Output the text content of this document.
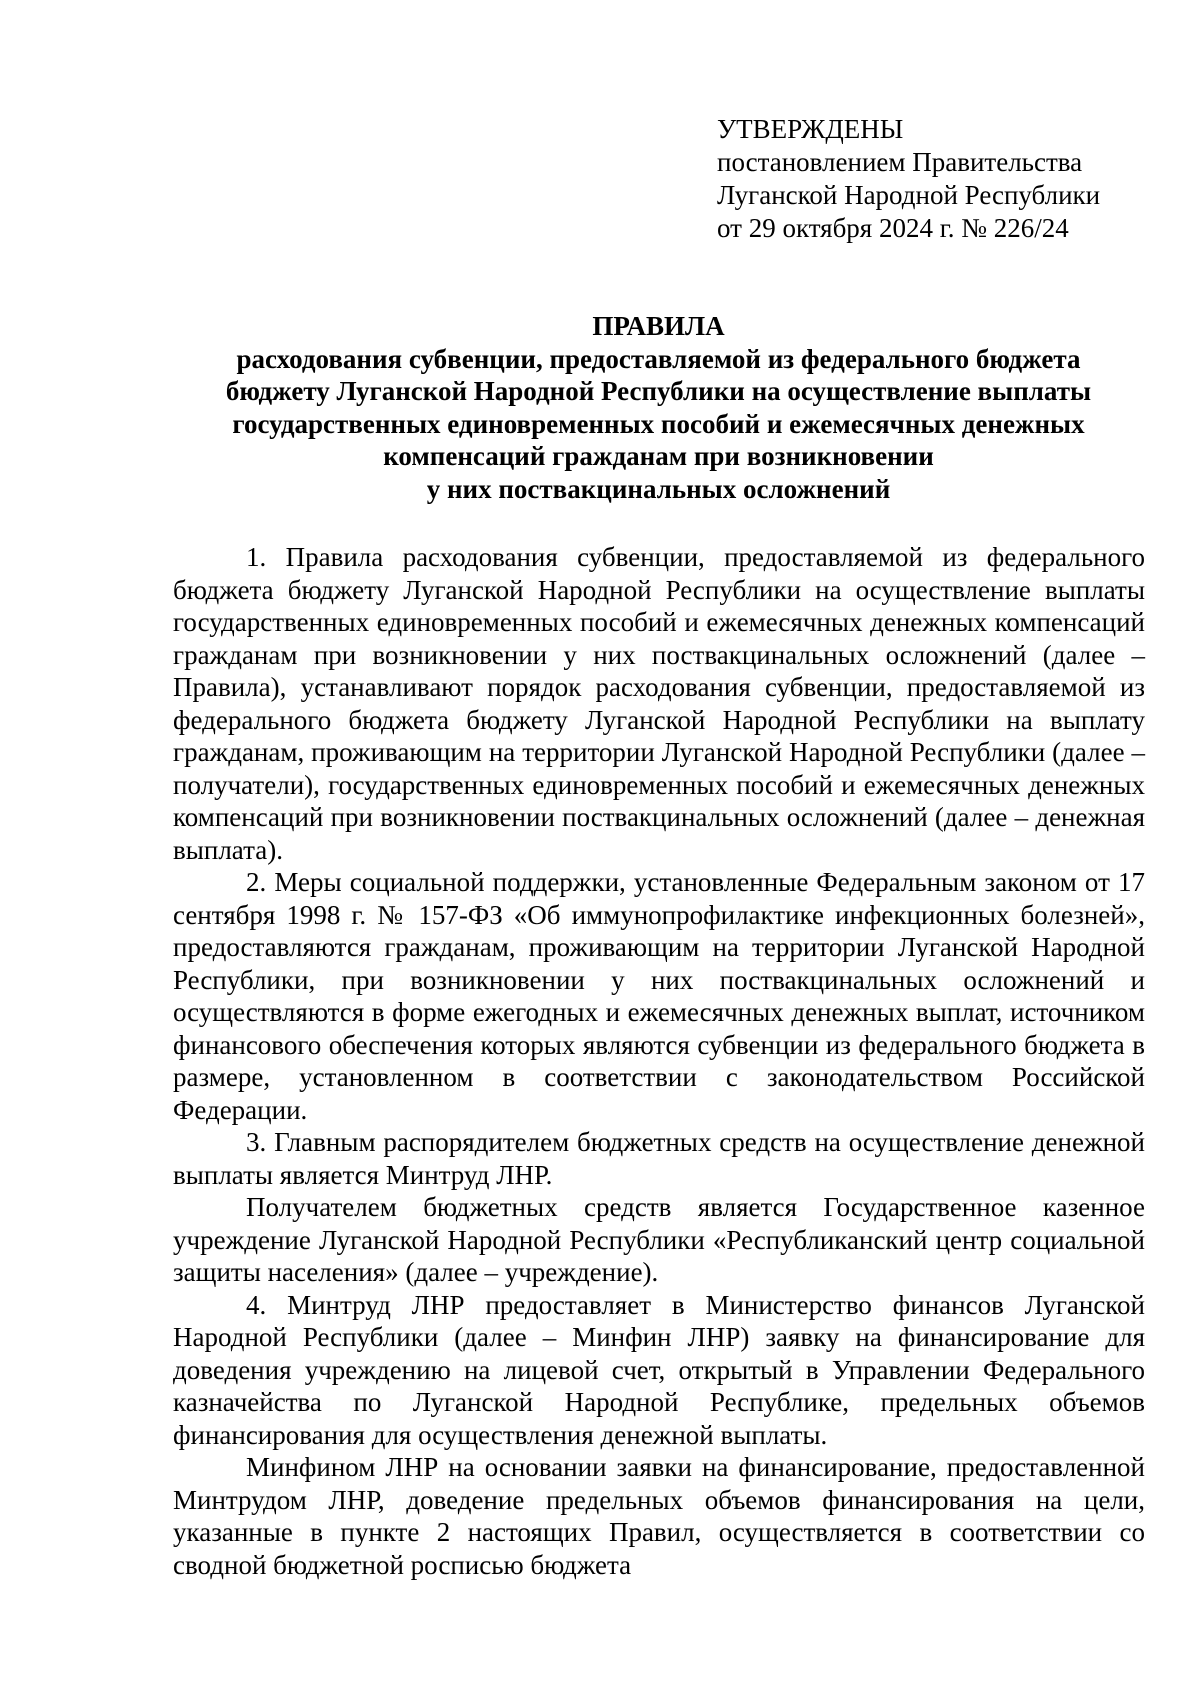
УТВЕРЖДЕНЫ
постановлением Правительства
Луганской Народной Республики
от 29 октября 2024 г. № 226/24
ПРАВИЛА
расходования субвенции, предоставляемой из федерального бюджета
бюджету Луганской Народной Республики на осуществление выплаты
государственных единовременных пособий и ежемесячных денежных
компенсаций гражданам при возникновении
у них поствакцинальных осложнений

1. Правила расходования субвенции, предоставляемой из федерального бюджета бюджету Луганской Народной Республики на осуществление выплаты государственных единовременных пособий и ежемесячных денежных компенсаций гражданам при возникновении у них поствакцинальных осложнений (далее – Правила), устанавливают порядок расходования субвенции, предоставляемой из федерального бюджета бюджету Луганской Народной Республики на выплату гражданам, проживающим на территории Луганской Народной Республики (далее – получатели), государственных единовременных пособий и ежемесячных денежных компенсаций при возникновении поствакцинальных осложнений (далее – денежная выплата).

2. Меры социальной поддержки, установленные Федеральным законом от 17 сентября 1998 г. № 157-ФЗ «Об иммунопрофилактике инфекционных болезней», предоставляются гражданам, проживающим на территории Луганской Народной Республики, при возникновении у них поствакцинальных осложнений и осуществляются в форме ежегодных и ежемесячных денежных выплат, источником финансового обеспечения которых являются субвенции из федерального бюджета в размере, установленном в соответствии с законодательством Российской Федерации.

3. Главным распорядителем бюджетных средств на осуществление денежной выплаты является Минтруд ЛНР.

Получателем бюджетных средств является Государственное казенное учреждение Луганской Народной Республики «Республиканский центр социальной защиты населения» (далее – учреждение).

4. Минтруд ЛНР предоставляет в Министерство финансов Луганской Народной Республики (далее – Минфин ЛНР) заявку на финансирование для доведения учреждению на лицевой счет, открытый в Управлении Федерального казначейства по Луганской Народной Республике, предельных объемов финансирования для осуществления денежной выплаты.

Минфином ЛНР на основании заявки на финансирование, предоставленной Минтрудом ЛНР, доведение предельных объемов финансирования на цели, указанные в пункте 2 настоящих Правил, осуществляется в соответствии со сводной бюджетной росписью бюджета
